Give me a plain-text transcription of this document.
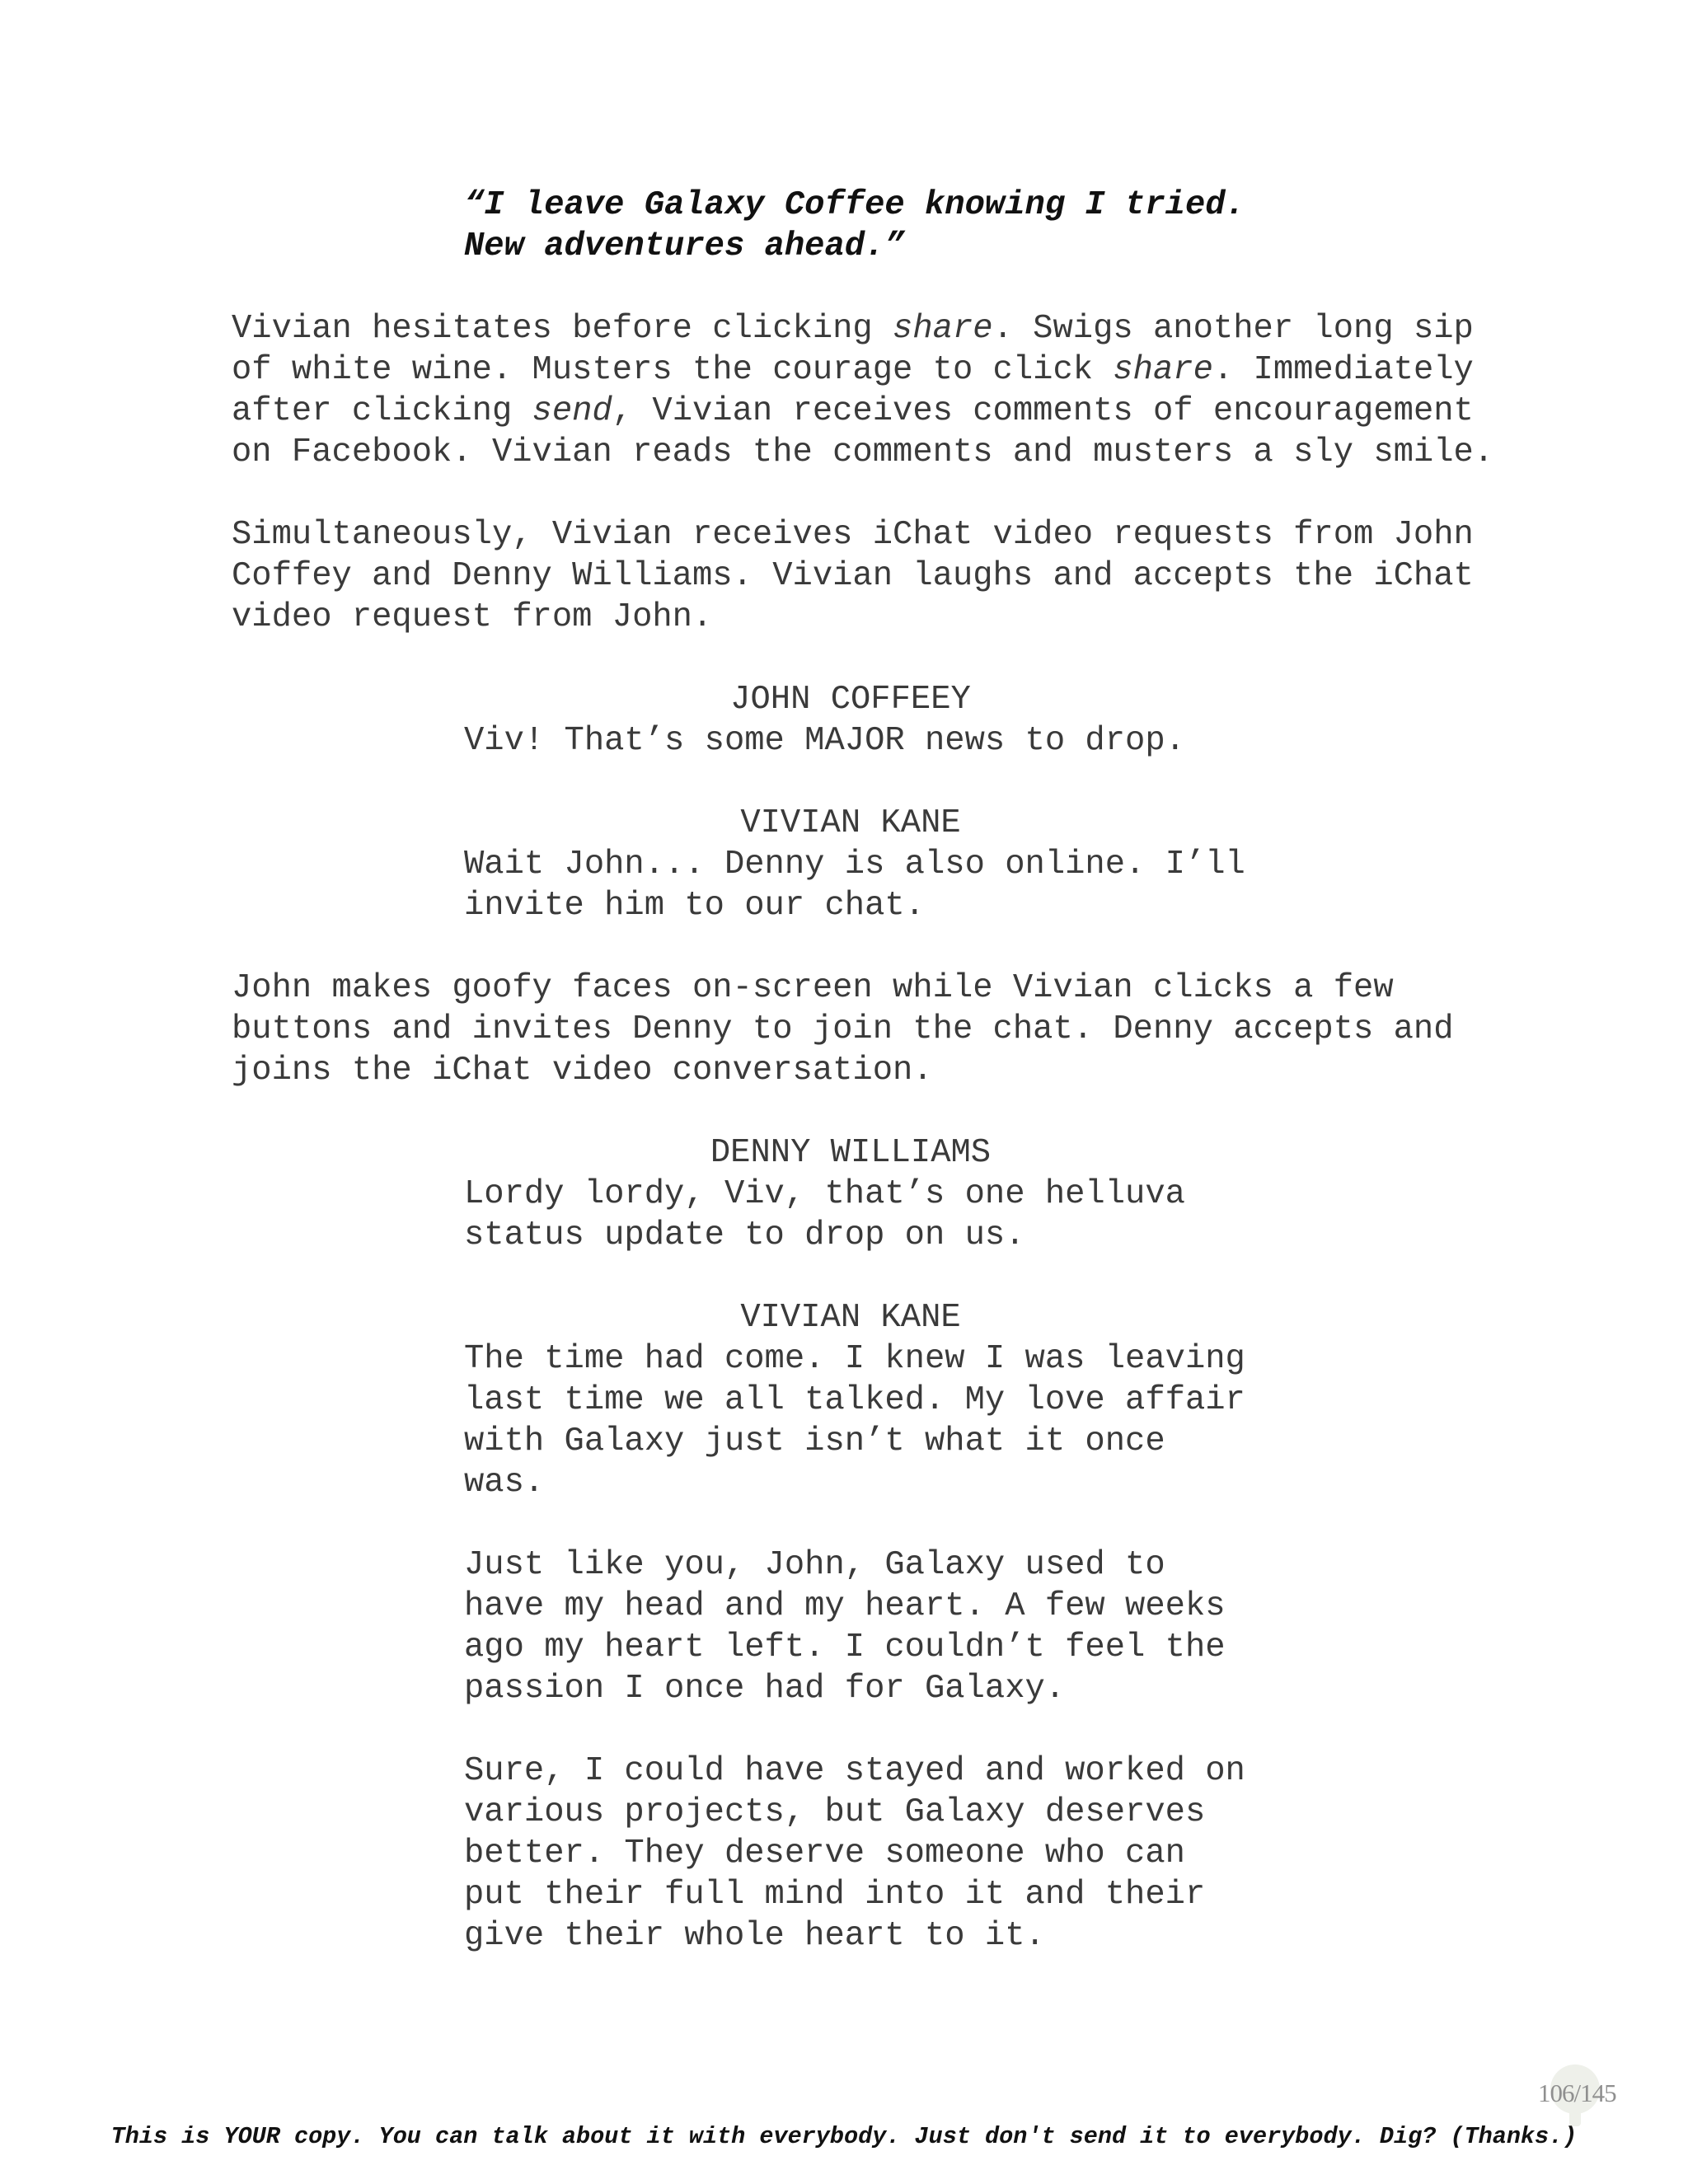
“I leave Galaxy Coffee knowing I tried.

New adventures ahead.”

Vivian hesitates before clicking share. Swigs another long sip

of white wine. Musters the courage to click share. Immediately

after clicking send, Vivian receives comments of encouragement

on Facebook. Vivian reads the comments and musters a sly smile.

Simultaneously, Vivian receives iChat video requests from John

Coffey and Denny Williams. Vivian laughs and accepts the iChat

video request from John.

JOHN COFFEEY

Viv! That’s some MAJOR news to drop.

VIVIAN KANE

Wait John... Denny is also online. I’ll

invite him to our chat.

John makes goofy faces on-screen while Vivian clicks a few

buttons and invites Denny to join the chat. Denny accepts and

joins the iChat video conversation.

DENNY WILLIAMS

Lordy lordy, Viv, that’s one helluva

status update to drop on us.

VIVIAN KANE

The time had come. I knew I was leaving

last time we all talked. My love affair

with Galaxy just isn’t what it once

was.

Just like you, John, Galaxy used to

have my head and my heart. A few weeks

ago my heart left. I couldn’t feel the

passion I once had for Galaxy.

Sure, I could have stayed and worked on

various projects, but Galaxy deserves

better. They deserve someone who can

put their full mind into it and their

give their whole heart to it.

106/145
This is YOUR copy. You can talk about it with everybody. Just don't send it to everybody. Dig? (Thanks.)
